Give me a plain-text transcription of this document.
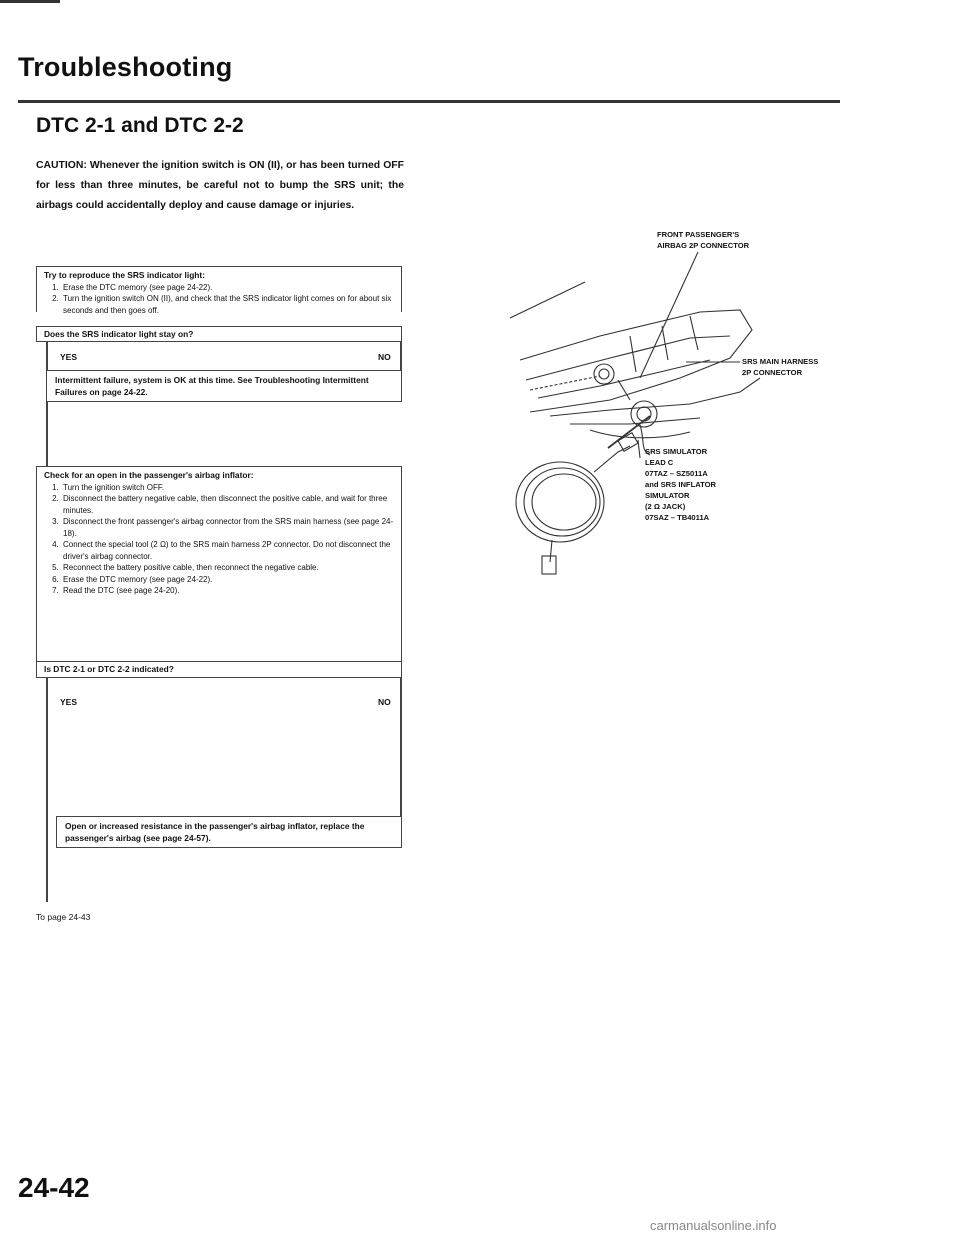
Troubleshooting
DTC 2-1 and DTC 2-2
CAUTION: Whenever the ignition switch is ON (II), or has been turned OFF for less than three minutes, be careful not to bump the SRS unit; the airbags could accidentally deploy and cause damage or injuries.
Try to reproduce the SRS indicator light:
1. Erase the DTC memory (see page 24-22).
2. Turn the ignition switch ON (II), and check that the SRS indicator light comes on for about six seconds and then goes off.
Does the SRS indicator light stay on?
YES	NO
Intermittent failure, system is OK at this time. See Troubleshooting Intermittent Failures on page 24-22.
Check for an open in the passenger's airbag inflator:
1. Turn the ignition switch OFF.
2. Disconnect the battery negative cable, then disconnect the positive cable, and wait for three minutes.
3. Disconnect the front passenger's airbag connector from the SRS main harness (see page 24-18).
4. Connect the special tool (2 Ω) to the SRS main harness 2P connector. Do not disconnect the driver's airbag connector.
5. Reconnect the battery positive cable, then reconnect the negative cable.
6. Erase the DTC memory (see page 24-22).
7. Read the DTC (see page 24-20).
Is DTC 2-1 or DTC 2-2 indicated?
YES	NO
Open or increased resistance in the passenger's airbag inflator, replace the passenger's airbag (see page 24-57).
To page 24-43
FRONT PASSENGER'S
AIRBAG 2P CONNECTOR
SRS MAIN HARNESS
2P CONNECTOR
SRS SIMULATOR
LEAD C
07TAZ – SZ5011A
and SRS INFLATOR
SIMULATOR
(2 Ω JACK)
07SAZ – TB4011A
24-42
carmanualsonline.info
